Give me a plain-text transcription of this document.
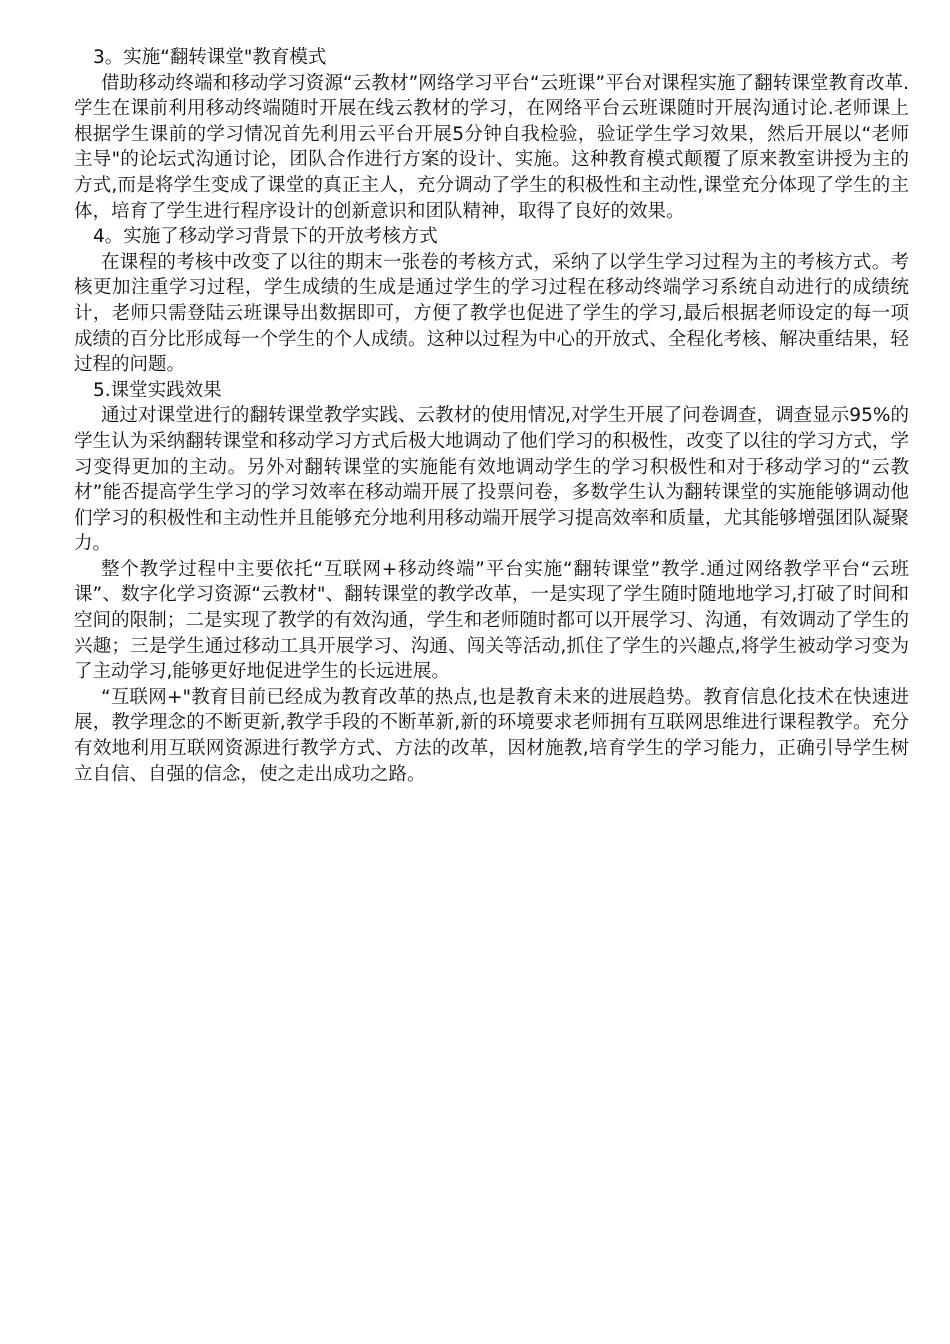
3。实施“翻转课堂"教育模式

借助移动终端和移动学习资源“云教材”网络学习平台“云班课”平台对课程实施了翻转课堂教育改革.学生在课前利用移动终端随时开展在线云教材的学习，在网络平台云班课随时开展沟通讨论.老师课上根据学生课前的学习情况首先利用云平台开展5分钟自我检验，验证学生学习效果，然后开展以“老师主导"的论坛式沟通讨论，团队合作进行方案的设计、实施。这种教育模式颠覆了原来教室讲授为主的方式,而是将学生变成了课堂的真正主人，充分调动了学生的积极性和主动性,课堂充分体现了学生的主体，培育了学生进行程序设计的创新意识和团队精神，取得了良好的效果。

4。实施了移动学习背景下的开放考核方式

在课程的考核中改变了以往的期末一张卷的考核方式，采纳了以学生学习过程为主的考核方式。考核更加注重学习过程，学生成绩的生成是通过学生的学习过程在移动终端学习系统自动进行的成绩统计，老师只需登陆云班课导出数据即可，方便了教学也促进了学生的学习,最后根据老师设定的每一项成绩的百分比形成每一个学生的个人成绩。这种以过程为中心的开放式、全程化考核、解决重结果，轻过程的问题。

5.课堂实践效果

通过对课堂进行的翻转课堂教学实践、云教材的使用情况,对学生开展了问卷调查，调查显示95%的学生认为采纳翻转课堂和移动学习方式后极大地调动了他们学习的积极性，改变了以往的学习方式，学习变得更加的主动。另外对翻转课堂的实施能有效地调动学生的学习积极性和对于移动学习的“云教材”能否提高学生学习的学习效率在移动端开展了投票问卷，多数学生认为翻转课堂的实施能够调动他们学习的积极性和主动性并且能够充分地利用移动端开展学习提高效率和质量，尤其能够增强团队凝聚力。

整个教学过程中主要依托“互联网+移动终端”平台实施“翻转课堂”教学.通过网络教学平台“云班课”、数字化学习资源“云教材"、翻转课堂的教学改革，一是实现了学生随时随地地学习,打破了时间和空间的限制；二是实现了教学的有效沟通，学生和老师随时都可以开展学习、沟通，有效调动了学生的兴趣；三是学生通过移动工具开展学习、沟通、闯关等活动,抓住了学生的兴趣点,将学生被动学习变为了主动学习,能够更好地促进学生的长远进展。

“互联网+"教育目前已经成为教育改革的热点,也是教育未来的进展趋势。教育信息化技术在快速进展，教学理念的不断更新,教学手段的不断革新,新的环境要求老师拥有互联网思维进行课程教学。充分有效地利用互联网资源进行教学方式、方法的改革，因材施教,培育学生的学习能力，正确引导学生树立自信、自强的信念，使之走出成功之路。
